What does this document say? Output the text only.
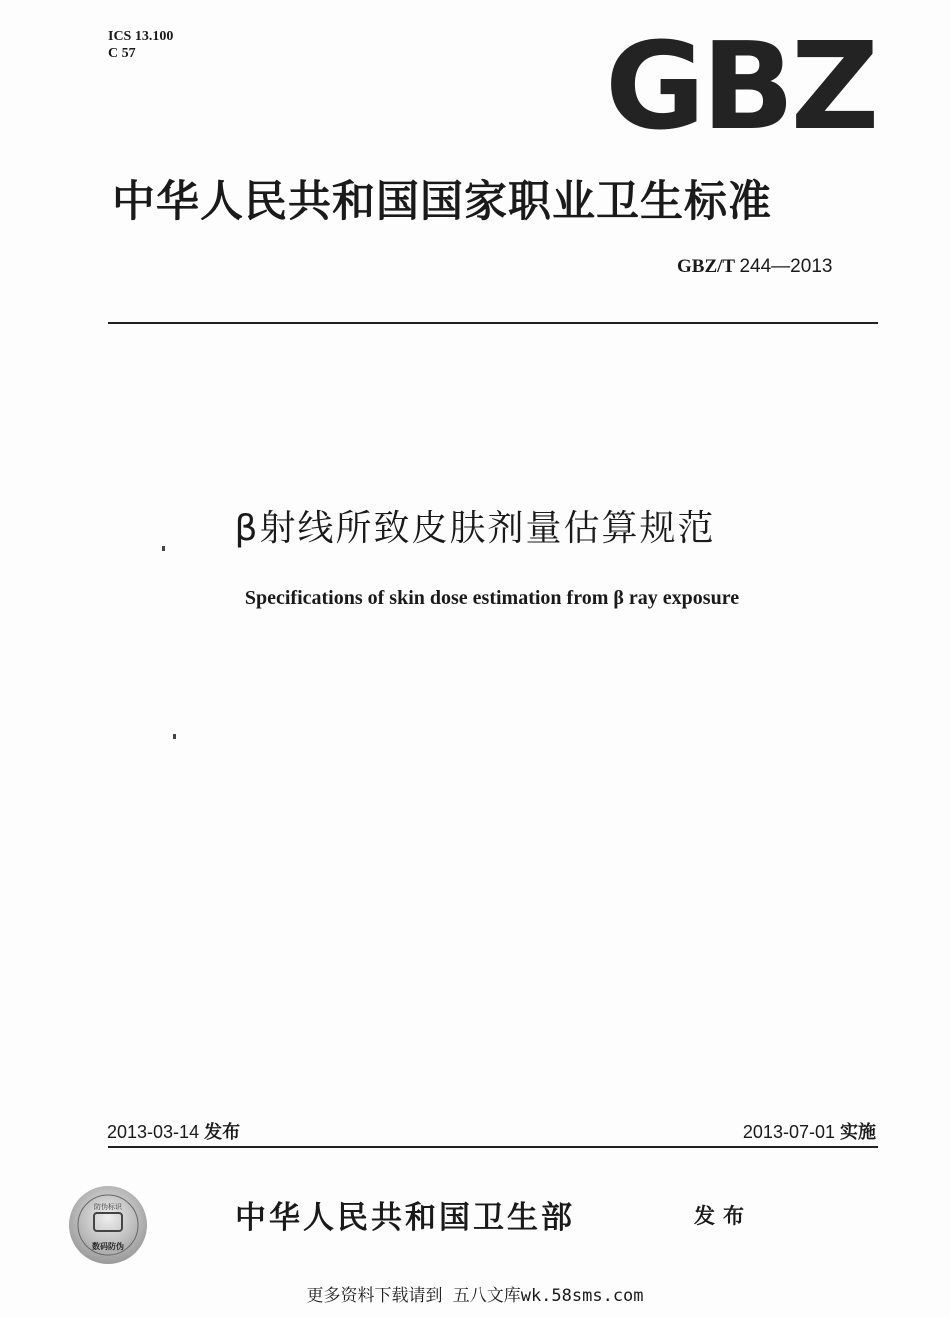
ICS 13.100
C 57	GBZ
中华人民共和国国家职业卫生标准
GBZ/T 244—2013
β射线所致皮肤剂量估算规范
Specifications of skin dose estimation from β ray exposure
2013-03-14 发布	2013-07-01 实施
防伪标识
数码防伪
中华人民共和国卫生部	发布
更多资料下载请到 五八文库wk.58sms.com
